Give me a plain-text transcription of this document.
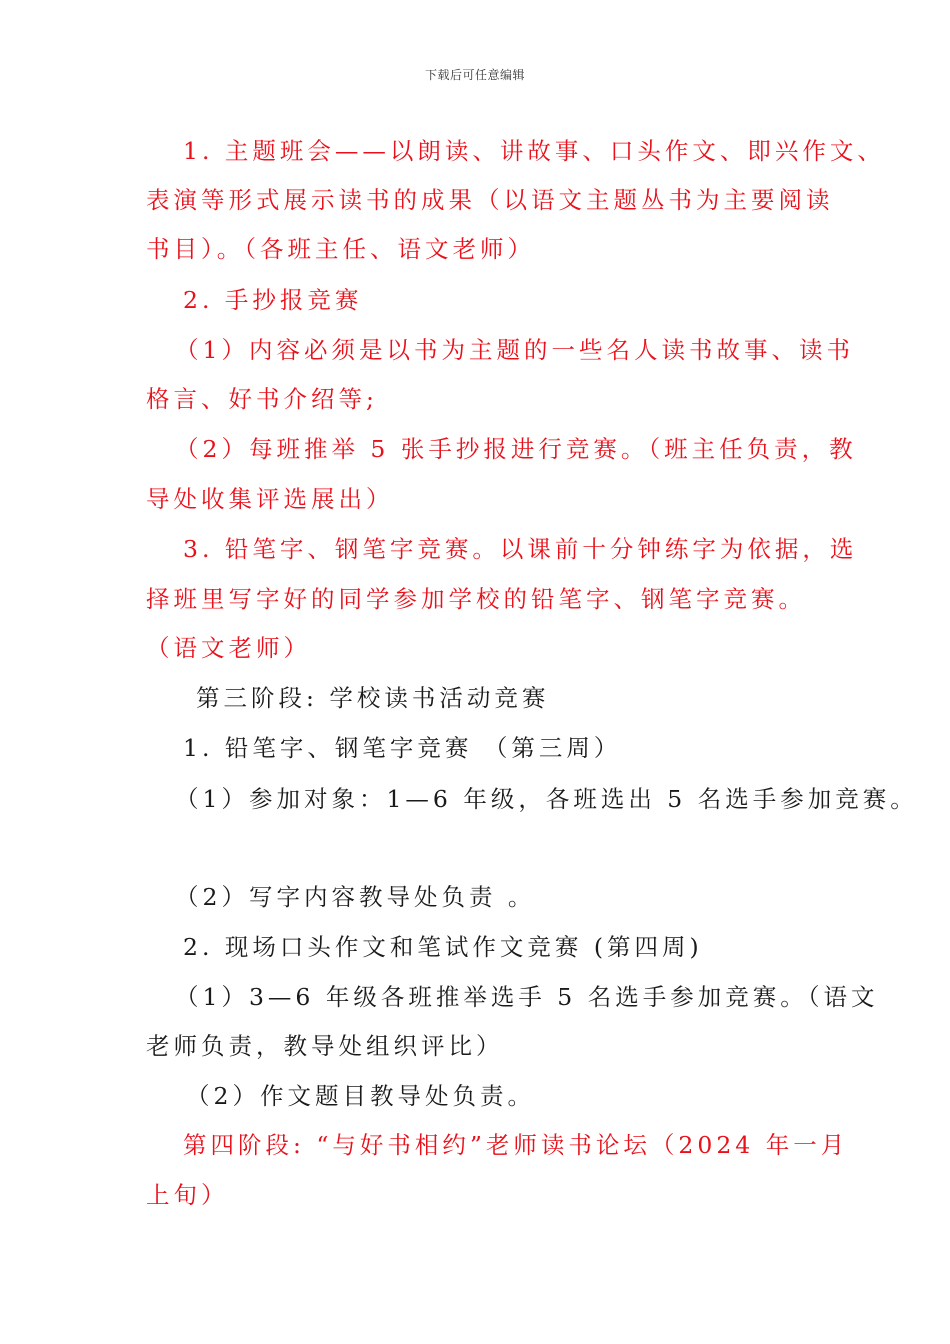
下载后可任意编辑
1. 主题班会——以朗读、讲故事、口头作文、即兴作文、
表演等形式展示读书的成果（以语文主题丛书为主要阅读
书目）。（各班主任、语文老师）
2. 手抄报竞赛
（1）内容必须是以书为主题的一些名人读书故事、读书
格言、好书介绍等;
（2）每班推举 5 张手抄报进行竞赛。（班主任负责，教
导处收集评选展出）
3. 铅笔字、钢笔字竞赛。以课前十分钟练字为依据，选
择班里写字好的同学参加学校的铅笔字、钢笔字竞赛。
（语文老师）
第三阶段: 学校读书活动竞赛
1. 铅笔字、钢笔字竞赛 （第三周）
（1）参加对象：1—6 年级，各班选出 5 名选手参加竞赛。
（2）写字内容教导处负责 。
2. 现场口头作文和笔试作文竞赛 (第四周)
（1）3—6 年级各班推举选手 5 名选手参加竞赛。（语文
老师负责，教导处组织评比）
（2）作文题目教导处负责。
第四阶段: “与好书相约”老师读书论坛（2024 年一月
上旬）
